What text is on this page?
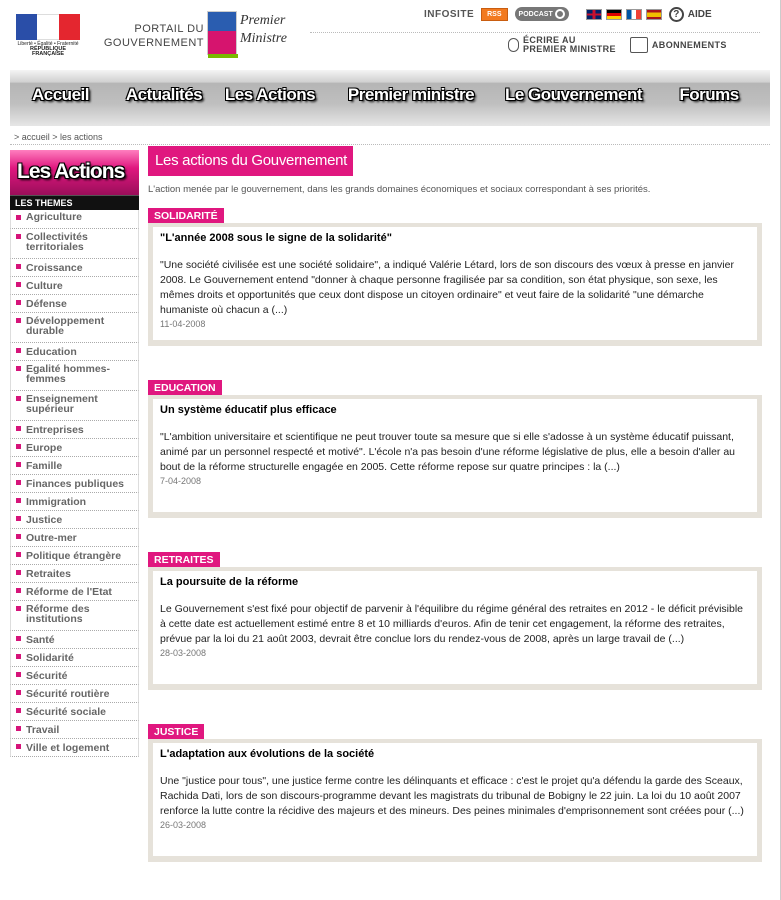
Liberté • Égalité • Fraternité
RÉPUBLIQUE FRANÇAISE
PORTAIL DU
GOUVERNEMENT
Premier
Ministre
INFOSITE	RSS	PODCAST	? AIDE
ÉCRIRE AU
PREMIER MINISTRE	ABONNEMENTS
Accueil	Actualités	Les Actions	Premier ministre	Le Gouvernement	Forums
> accueil > les actions
Les Actions
LES THEMES
Agriculture
Collectivités territoriales
Croissance
Culture
Défense
Développement durable
Education
Egalité hommes-femmes
Enseignement supérieur
Entreprises
Europe
Famille
Finances publiques
Immigration
Justice
Outre-mer
Politique étrangère
Retraites
Réforme de l'Etat
Réforme des institutions
Santé
Solidarité
Sécurité
Sécurité routière
Sécurité sociale
Travail
Ville et logement
Les actions du Gouvernement
L'action menée par le gouvernement, dans les grands domaines économiques et sociaux correspondant à ses priorités.
SOLIDARITÉ
"L'année 2008 sous le signe de la solidarité"
"Une société civilisée est une société solidaire", a indiqué Valérie Létard, lors de son discours des vœux à presse en janvier 2008. Le Gouvernement entend "donner à chaque personne fragilisée par sa condition, son état physique, son sexe, les mêmes droits et opportunités que ceux dont dispose un citoyen ordinaire" et veut faire de la solidarité "une démarche humaniste où chacun a (...)
11-04-2008
EDUCATION
Un système éducatif plus efficace
"L'ambition universitaire et scientifique ne peut trouver toute sa mesure que si elle s'adosse à un système éducatif puissant, animé par un personnel respecté et motivé". L'école n'a pas besoin d'une réforme législative de plus, elle a besoin d'aller au bout de la réforme structurelle engagée en 2005. Cette réforme repose sur quatre principes : la (...)
7-04-2008
RETRAITES
La poursuite de la réforme
Le Gouvernement s'est fixé pour objectif de parvenir à l'équilibre du régime général des retraites en 2012 - le déficit prévisible à cette date est actuellement estimé entre 8 et 10 milliards d'euros. Afin de tenir cet engagement, la réforme des retraites, prévue par la loi du 21 août 2003, devrait être conclue lors du rendez-vous de 2008, après un large travail de (...)
28-03-2008
JUSTICE
L'adaptation aux évolutions de la société
Une "justice pour tous", une justice ferme contre les délinquants et efficace : c'est le projet qu'a défendu la garde des Sceaux, Rachida Dati, lors de son discours-programme devant les magistrats du tribunal de Bobigny le 22 juin. La loi du 10 août 2007 renforce la lutte contre la récidive des majeurs et des mineurs. Des peines minimales d'emprisonnement sont créées pour (...)
26-03-2008
